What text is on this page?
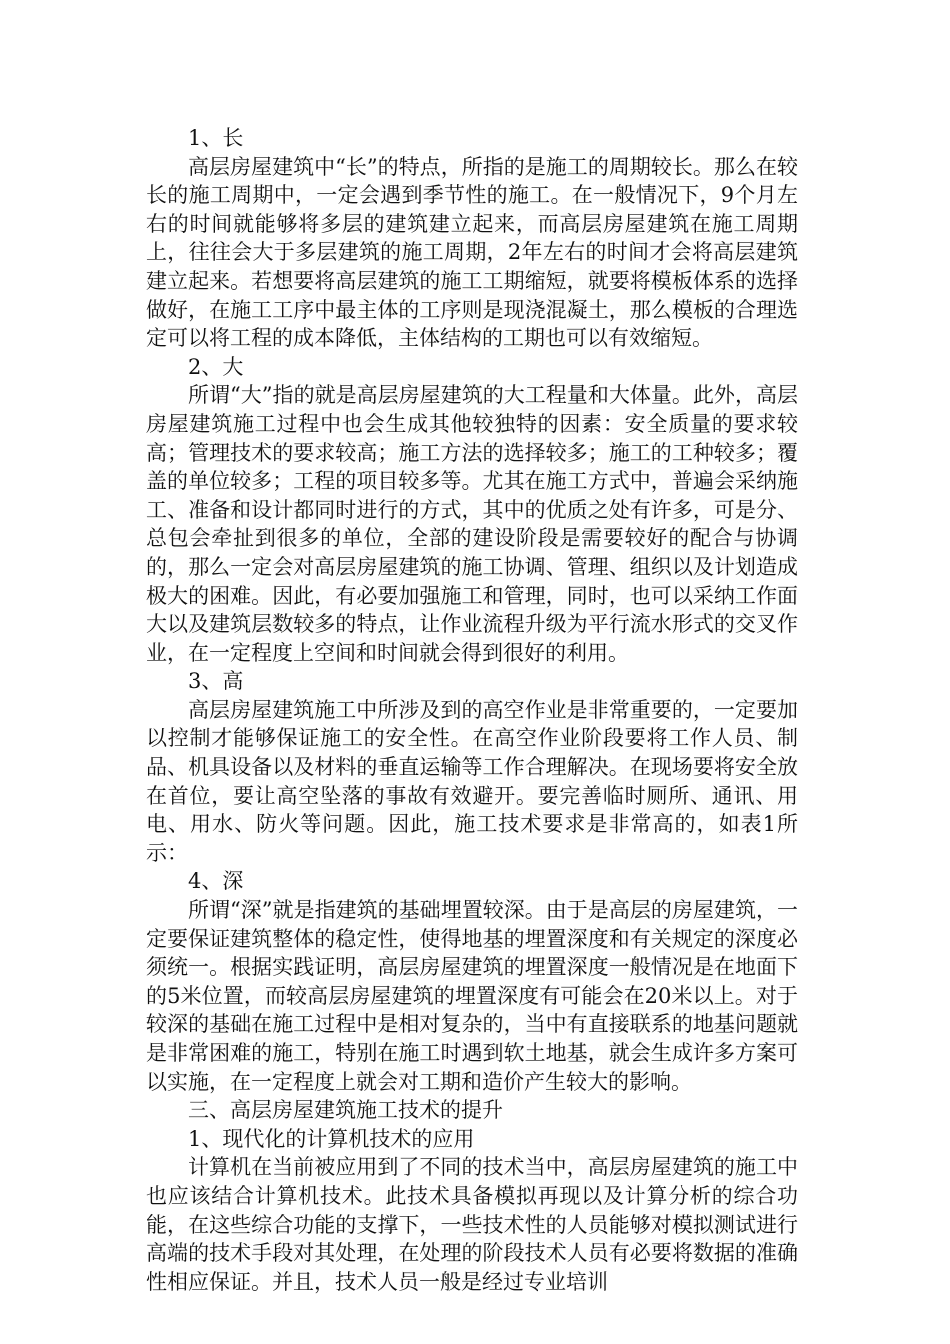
1、长

高层房屋建筑中“长”的特点，所指的是施工的周期较长。那么在较长的施工周期中，一定会遇到季节性的施工。在一般情况下，9个月左右的时间就能够将多层的建筑建立起来，而高层房屋建筑在施工周期上，往往会大于多层建筑的施工周期，2年左右的时间才会将高层建筑建立起来。若想要将高层建筑的施工工期缩短，就要将模板体系的选择做好，在施工工序中最主体的工序则是现浇混凝土，那么模板的合理选定可以将工程的成本降低，主体结构的工期也可以有效缩短。

2、大

所谓“大”指的就是高层房屋建筑的大工程量和大体量。此外，高层房屋建筑施工过程中也会生成其他较独特的因素：安全质量的要求较高；管理技术的要求较高；施工方法的选择较多；施工的工种较多；覆盖的单位较多；工程的项目较多等。尤其在施工方式中，普遍会采纳施工、准备和设计都同时进行的方式，其中的优质之处有许多，可是分、总包会牵扯到很多的单位，全部的建设阶段是需要较好的配合与协调的，那么一定会对高层房屋建筑的施工协调、管理、组织以及计划造成极大的困难。因此，有必要加强施工和管理，同时，也可以采纳工作面大以及建筑层数较多的特点，让作业流程升级为平行流水形式的交叉作业，在一定程度上空间和时间就会得到很好的利用。

3、高

高层房屋建筑施工中所涉及到的高空作业是非常重要的，一定要加以控制才能够保证施工的安全性。在高空作业阶段要将工作人员、制品、机具设备以及材料的垂直运输等工作合理解决。在现场要将安全放在首位，要让高空坠落的事故有效避开。要完善临时厕所、通讯、用电、用水、防火等问题。因此，施工技术要求是非常高的，如表1所示：

4、深

所谓“深”就是指建筑的基础埋置较深。由于是高层的房屋建筑，一定要保证建筑整体的稳定性，使得地基的埋置深度和有关规定的深度必须统一。根据实践证明，高层房屋建筑的埋置深度一般情况是在地面下的5米位置，而较高层房屋建筑的埋置深度有可能会在20米以上。对于较深的基础在施工过程中是相对复杂的，当中有直接联系的地基问题就是非常困难的施工，特别在施工时遇到软土地基，就会生成许多方案可以实施，在一定程度上就会对工期和造价产生较大的影响。

三、高层房屋建筑施工技术的提升

1、现代化的计算机技术的应用

计算机在当前被应用到了不同的技术当中，高层房屋建筑的施工中也应该结合计算机技术。此技术具备模拟再现以及计算分析的综合功能，在这些综合功能的支撑下，一些技术性的人员能够对模拟测试进行高端的技术手段对其处理，在处理的阶段技术人员有必要将数据的准确性相应保证。并且，技术人员一般是经过专业培训
